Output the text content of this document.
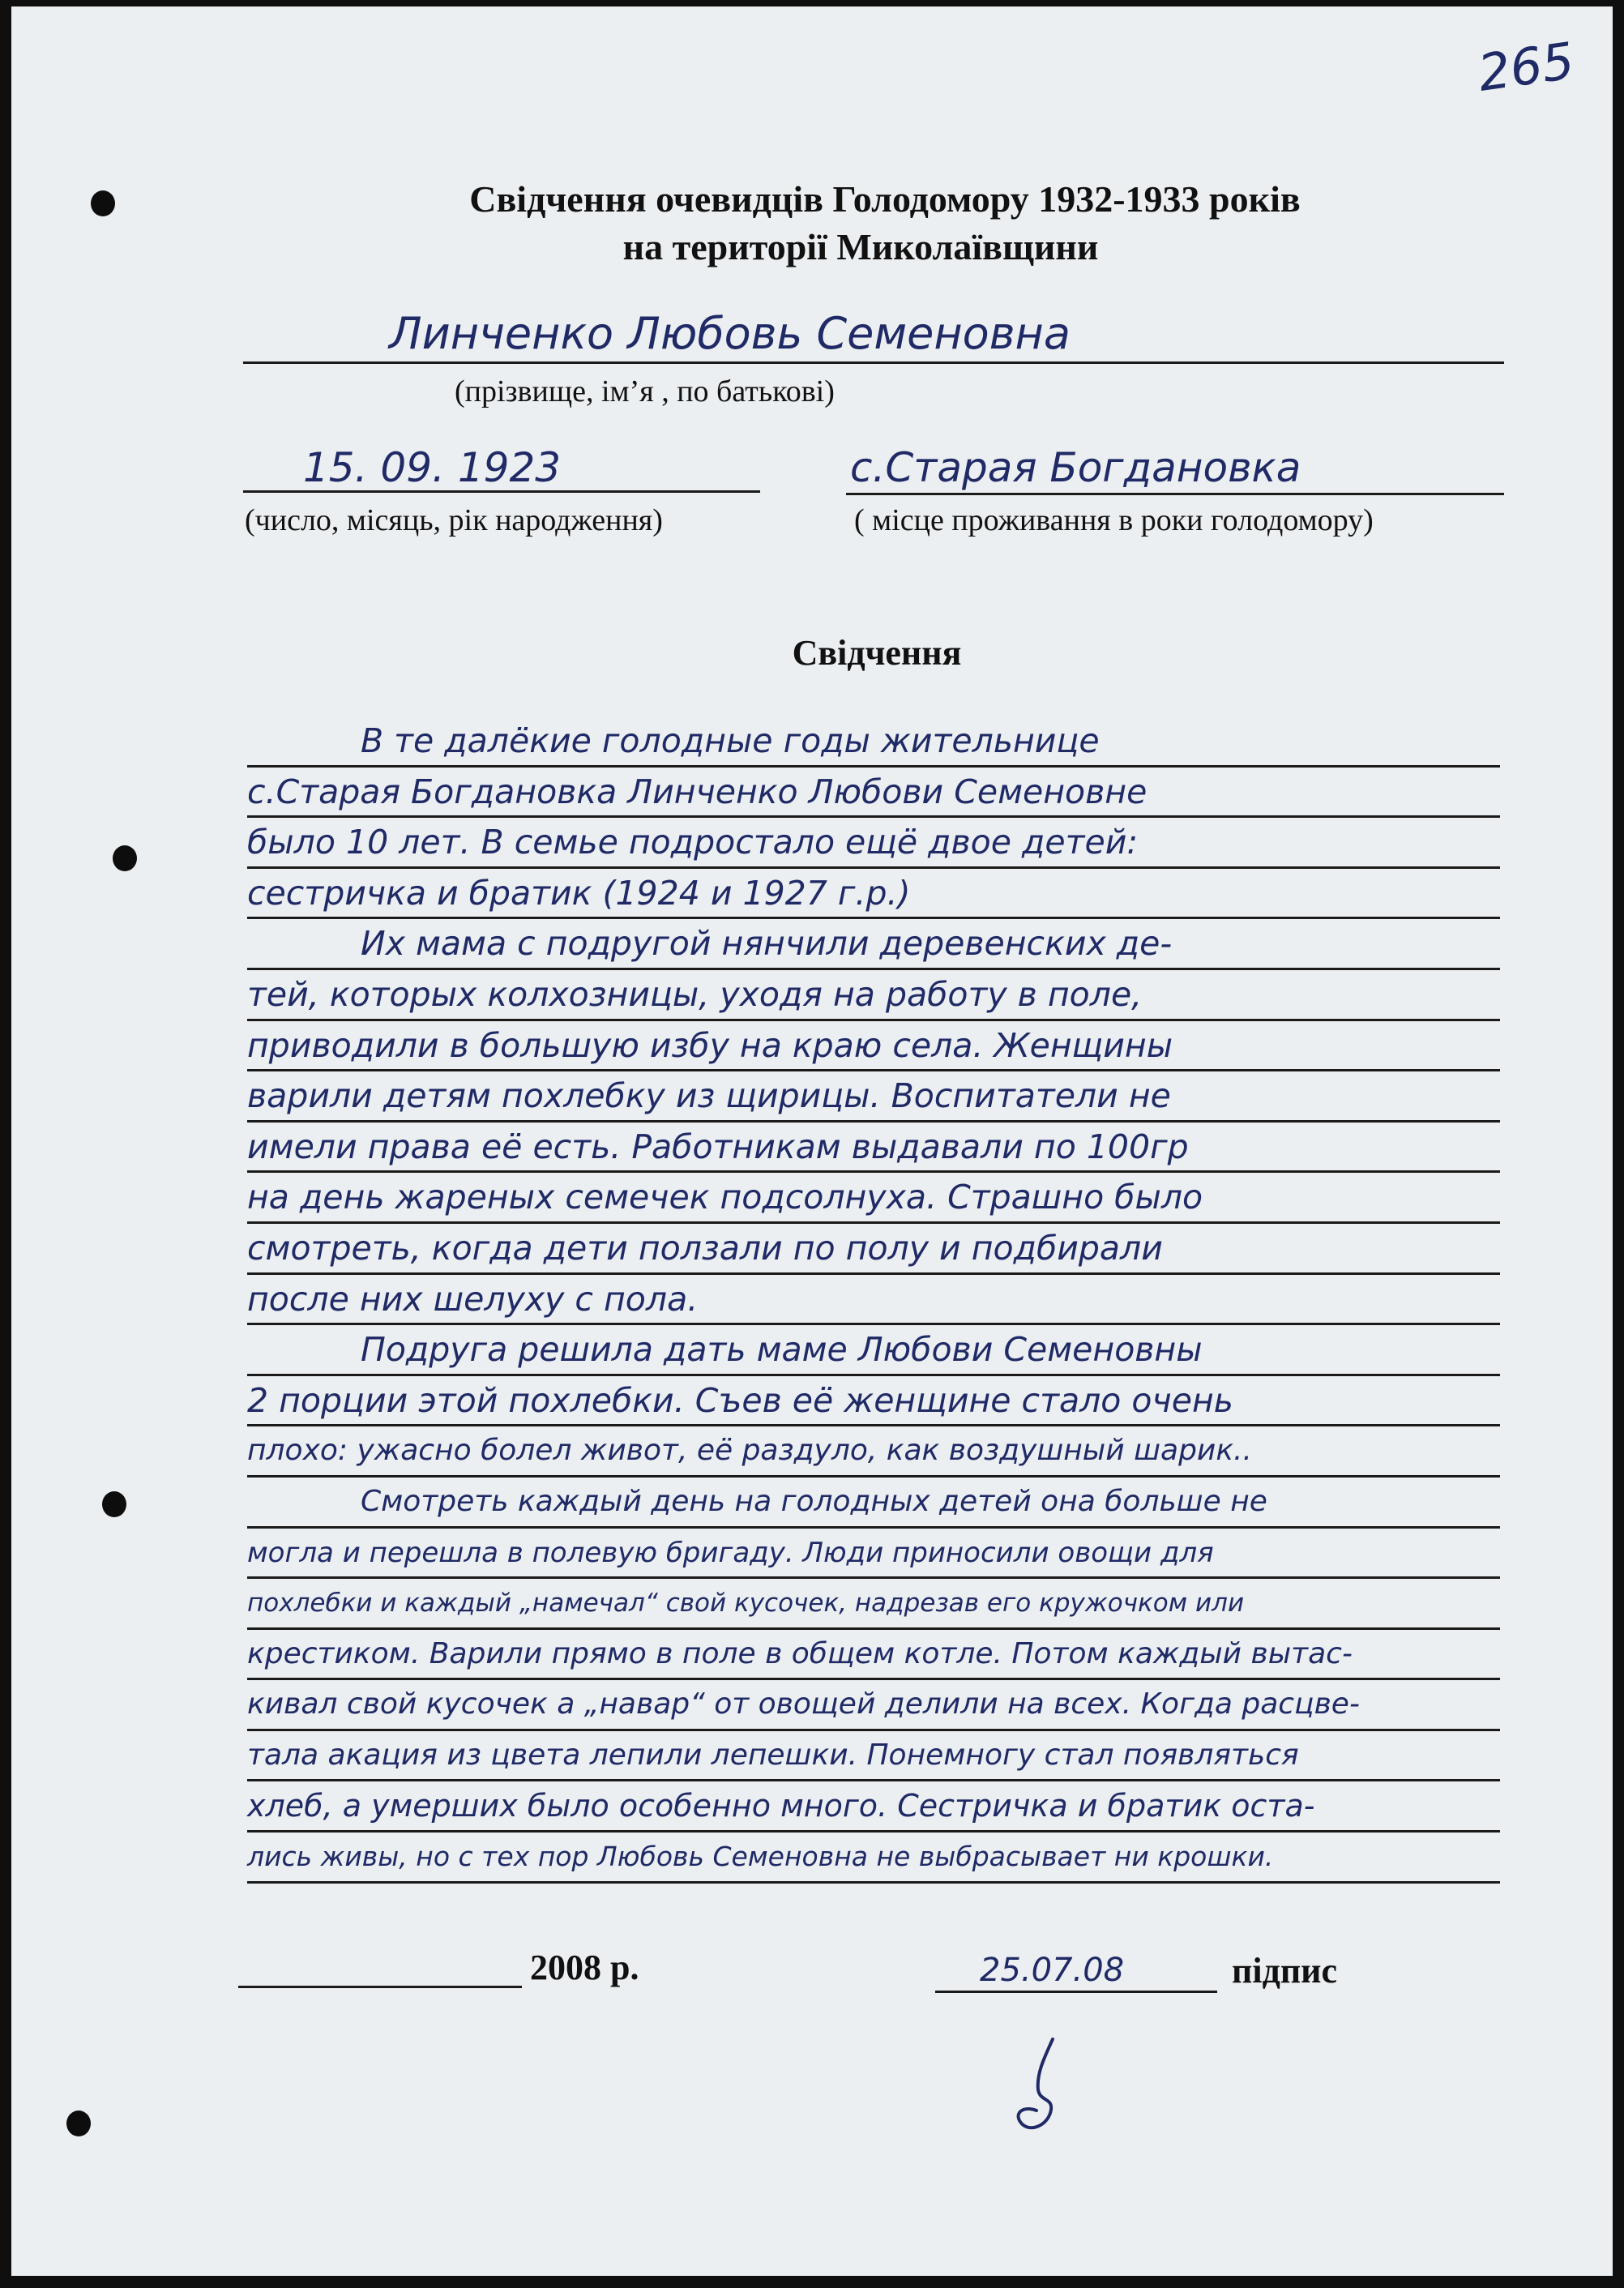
265
Свідчення очевидців Голодомору 1932-1933 років
на території Миколаївщини
Линченко Любовь Семеновна
(прізвище, ім’я , по батькові)
15. 09. 1923
(число, місяць, рік народження)
с.Старая Богдановка
( місце проживання в роки голодомору)
Свідчення
В те далёкие голодные годы жительнице
с.Старая Богдановка Линченко Любови Семеновне
было 10 лет. В семье подростало ещё двое детей:
сестричка и братик (1924 и 1927 г.р.)
Их мама с подругой нянчили деревенских де-
тей, которых колхозницы, уходя на работу в поле,
приводили в большую избу на краю села. Женщины
варили детям похлебку из щирицы. Воспитатели не
имели права её есть. Работникам выдавали по 100гр
на день жареных семечек подсолнуха. Страшно было
смотреть, когда дети ползали по полу и подбирали
после них шелуху с пола.
Подруга решила дать маме Любови Семеновны
2 порции этой похлебки. Съев её женщине стало очень
плохо: ужасно болел живот, её раздуло, как воздушный шарик..
Смотреть каждый день на голодных детей она больше не
могла и перешла в полевую бригаду. Люди приносили овощи для
похлебки и каждый „намечал“ свой кусочек, надрезав его кружочком или
крестиком. Варили прямо в поле в общем котле. Потом каждый вытас-
кивал свой кусочек а „навар“ от овощей делили на всех. Когда расцве-
тала акация из цвета лепили лепешки. Понемногу стал появляться
хлеб, а умерших было особенно много. Сестричка и братик оста-
лись живы, но с тех пор Любовь Семеновна не выбрасывает ни крошки.
2008 р.	25.07.08	підпис
